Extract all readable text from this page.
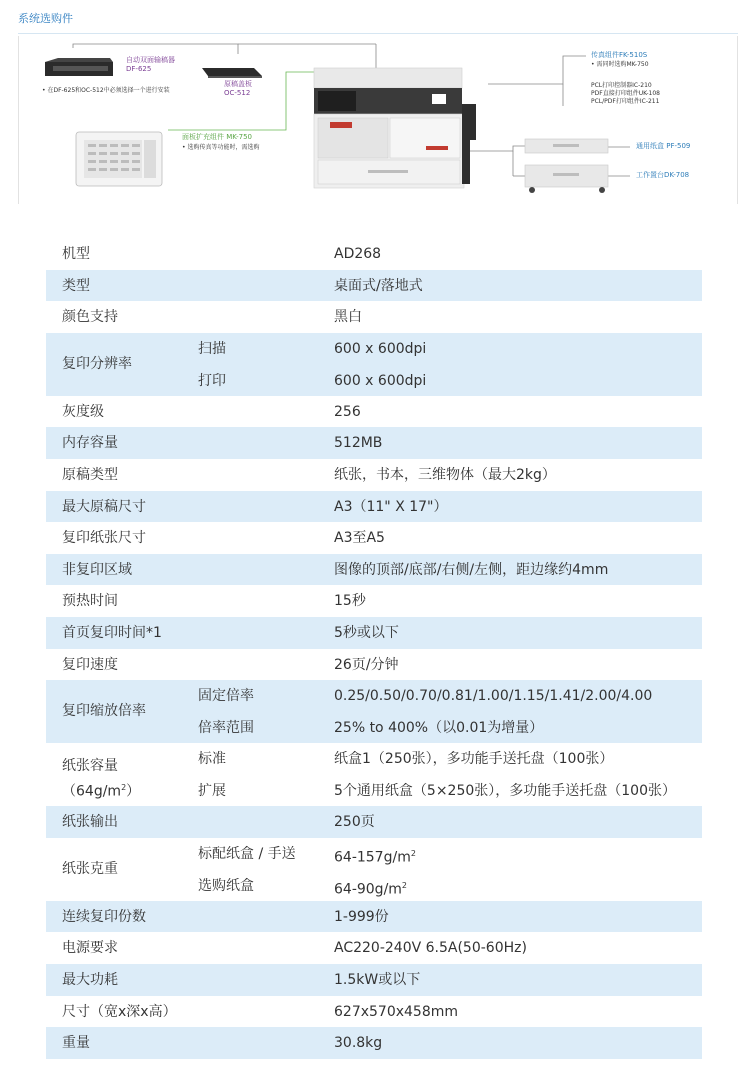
系统选购件
自动双面输稿器
DF-625
原稿盖板
OC-512
• 在DF-625和OC-512中必须选择一个进行安装
面板扩充组件 MK-750
• 选购传真等功能时，需选购
传真组件FK-510S
• 需同时选购MK-750
PCL打印控制器IC-210
PDF直接打印组件UK-108
PCL/PDF打印组件IC-211
通用纸盒 PF-509
工作置台DK-708
机型	AD268
类型	桌面式/落地式
颜色支持	黑白
复印分辨率
扫描	600 x 600dpi
打印	600 x 600dpi
灰度级	256
内存容量	512MB
原稿类型	纸张，书本，三维物体（最大2kg）
最大原稿尺寸	A3（11" X 17"）
复印纸张尺寸	A3至A5
非复印区域	图像的顶部/底部/右侧/左侧，距边缘约4mm
预热时间	15秒
首页复印时间*1	5秒或以下
复印速度	26页/分钟
复印缩放倍率
固定倍率	0.25/0.50/0.70/0.81/1.00/1.15/1.41/2.00/4.00
倍率范围	25% to 400%（以0.01为增量）
纸张容量
$(64g/m^2)$
标准	纸盒1（250张），多功能手送托盘（100张）
扩展	5个通用纸盒（5×250张），多功能手送托盘（100张）
纸张输出	250页
纸张克重
标配纸盒 / 手送	$64-157g/m^2$
选购纸盒	$64-90g/m^2$
连续复印份数	1-999份
电源要求	AC220-240V 6.5A(50-60Hz)
最大功耗	1.5kW或以下
尺寸（宽x深x高）	627x570x458mm
重量	30.8kg
